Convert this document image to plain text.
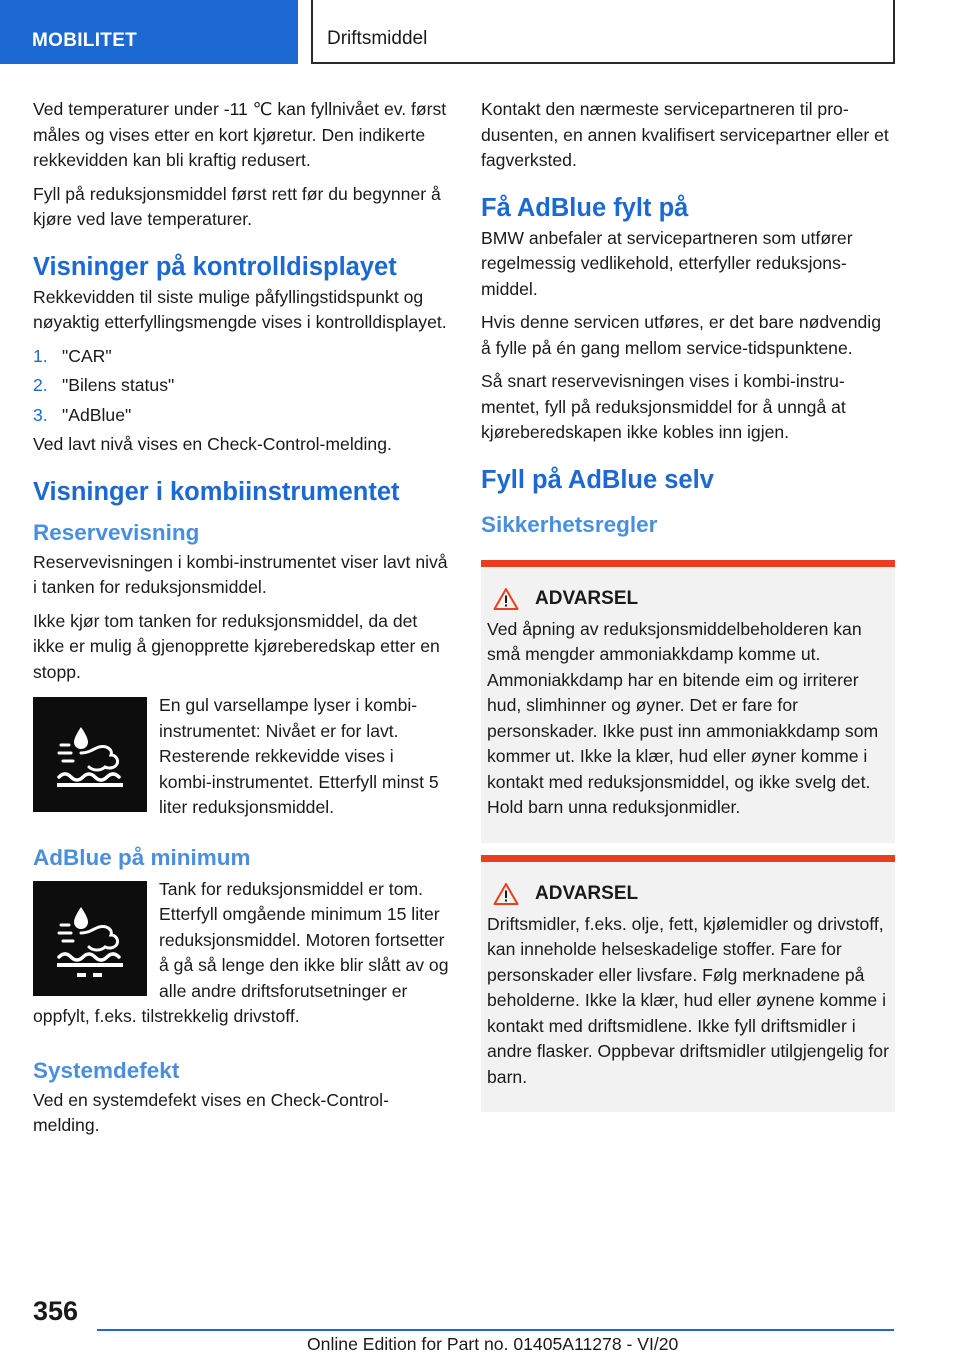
MOBILITET	Driftsmiddel

Ved temperaturer under -11 ℃ kan fyllnivået ev. først måles og vises etter en kort kjøretur. Den indikerte rekkevidden kan bli kraftig redusert.

Fyll på reduksjonsmiddel først rett før du begynner å kjøre ved lave temperaturer.

Visninger på kontrolldisplayet

Rekkevidden til siste mulige påfyllingstidspunkt og nøyaktig etterfyllingsmengde vises i kontrolldisplayet.

1. "CAR"
2. "Bilens status"
3. "AdBlue"

Ved lavt nivå vises en Check-Control-melding.

Visninger i kombiinstrumentet
Reservevisning

Reservevisningen i kombi-instrumentet viser lavt nivå i tanken for reduksjonsmiddel.

Ikke kjør tom tanken for reduksjonsmiddel, da det ikke er mulig å gjenopprette kjøreberedskap etter en stopp.

En gul varsellampe lyser i kombiinstrumentet: Nivået er for lavt. Resterende rekkevidde vises i kombi-instrumentet. Etterfyll minst 5 liter reduksjonsmiddel.

AdBlue på minimum

Tank for reduksjonsmiddel er tom. Etterfyll omgående minimum 15 liter reduksjonsmiddel. Motoren fortsetter å gå så lenge den ikke blir slått av og alle andre driftsforutsetninger er oppfylt, f.eks. tilstrekkelig drivstoff.

Systemdefekt

Ved en systemdefekt vises en Check-Control-melding.

Kontakt den nærmeste servicepartneren til produsenten, en annen kvalifisert servicepartner eller et fagverksted.

Få AdBlue fylt på

BMW anbefaler at servicepartneren som utfører regelmessig vedlikehold, etterfyller reduksjonsmiddel.

Hvis denne servicen utføres, er det bare nødvendig å fylle på én gang mellom service-tidspunktene.

Så snart reservevisningen vises i kombi-instrumentet, fyll på reduksjonsmiddel for å unngå at kjøreberedskapen ikke kobles inn igjen.

Fyll på AdBlue selv
Sikkerhetsregler
ADVARSEL

Ved åpning av reduksjonsmiddelbeholderen kan små mengder ammoniakkdamp komme ut. Ammoniakkdamp har en bitende eim og irriterer hud, slimhinner og øyner. Det er fare for personskader. Ikke pust inn ammoniakkdamp som kommer ut. Ikke la klær, hud eller øyner komme i kontakt med reduksjonsmiddel, og ikke svelg det. Hold barn unna reduksjonmidler.

ADVARSEL

Driftsmidler, f.eks. olje, fett, kjølemidler og drivstoff, kan inneholde helseskadelige stoffer. Fare for personskader eller livsfare. Følg merknadene på beholderne. Ikke la klær, hud eller øynene komme i kontakt med driftsmidlene. Ikke fyll driftsmidler i andre flasker. Oppbevar driftsmidler utilgjengelig for barn.

356
Online Edition for Part no. 01405A11278 - VI/20
